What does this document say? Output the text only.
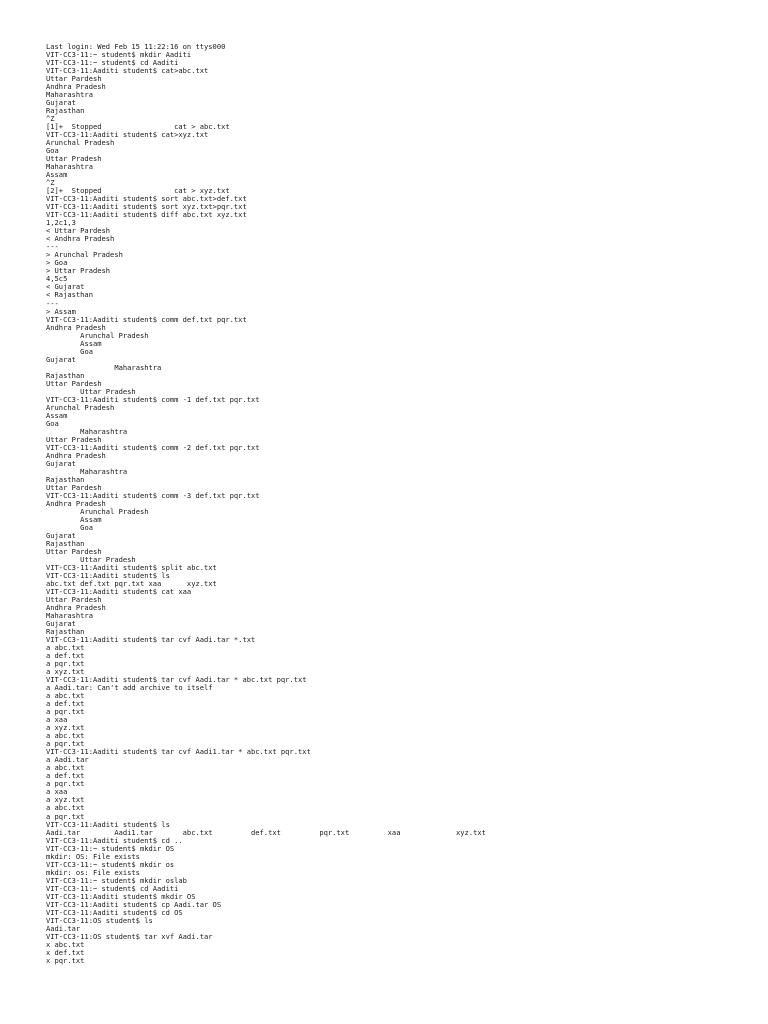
Last login: Wed Feb 15 11:22:16 on ttys000
VIT-CC3-11:~ student$ mkdir Aaditi
VIT-CC3-11:~ student$ cd Aaditi
VIT-CC3-11:Aaditi student$ cat>abc.txt
Uttar Pardesh
Andhra Pradesh
Maharashtra
Gujarat
Rajasthan
^Z
[1]+  Stopped                 cat > abc.txt
VIT-CC3-11:Aaditi student$ cat>xyz.txt
Arunchal Pradesh
Goa
Uttar Pradesh
Maharashtra
Assam
^Z
[2]+  Stopped                 cat > xyz.txt
VIT-CC3-11:Aaditi student$ sort abc.txt>def.txt
VIT-CC3-11:Aaditi student$ sort xyz.txt>pqr.txt
VIT-CC3-11:Aaditi student$ diff abc.txt xyz.txt
1,2c1,3
< Uttar Pardesh
< Andhra Pradesh
---
> Arunchal Pradesh
> Goa
> Uttar Pradesh
4,5c5
< Gujarat
< Rajasthan
---
> Assam
VIT-CC3-11:Aaditi student$ comm def.txt pqr.txt
Andhra Pradesh
	Arunchal Pradesh
	Assam
	Goa
Gujarat
		Maharashtra
Rajasthan
Uttar Pardesh
	Uttar Pradesh
VIT-CC3-11:Aaditi student$ comm -1 def.txt pqr.txt
Arunchal Pradesh
Assam
Goa
	Maharashtra
Uttar Pradesh
VIT-CC3-11:Aaditi student$ comm -2 def.txt pqr.txt
Andhra Pradesh
Gujarat
	Maharashtra
Rajasthan
Uttar Pardesh
VIT-CC3-11:Aaditi student$ comm -3 def.txt pqr.txt
Andhra Pradesh
	Arunchal Pradesh
	Assam
	Goa
Gujarat
Rajasthan
Uttar Pardesh
	Uttar Pradesh
VIT-CC3-11:Aaditi student$ split abc.txt
VIT-CC3-11:Aaditi student$ ls
abc.txt def.txt pqr.txt xaa      xyz.txt
VIT-CC3-11:Aaditi student$ cat xaa
Uttar Pardesh
Andhra Pradesh
Maharashtra
Gujarat
Rajasthan
VIT-CC3-11:Aaditi student$ tar cvf Aadi.tar *.txt
a abc.txt
a def.txt
a pqr.txt
a xyz.txt
VIT-CC3-11:Aaditi student$ tar cvf Aadi.tar * abc.txt pqr.txt
a Aadi.tar: Can't add archive to itself
a abc.txt
a def.txt
a pqr.txt
a xaa
a xyz.txt
a abc.txt
a pqr.txt
VIT-CC3-11:Aaditi student$ tar cvf Aadi1.tar * abc.txt pqr.txt
a Aadi.tar
a abc.txt
a def.txt
a pqr.txt
a xaa
a xyz.txt
a abc.txt
a pqr.txt
VIT-CC3-11:Aaditi student$ ls
Aadi.tar        Aadi1.tar       abc.txt         def.txt         pqr.txt         xaa             xyz.txt
VIT-CC3-11:Aaditi student$ cd ..
VIT-CC3-11:~ student$ mkdir OS
mkdir: OS: File exists
VIT-CC3-11:~ student$ mkdir os
mkdir: os: File exists
VIT-CC3-11:~ student$ mkdir oslab
VIT-CC3-11:~ student$ cd Aaditi
VIT-CC3-11:Aaditi student$ mkdir OS
VIT-CC3-11:Aaditi student$ cp Aadi.tar OS
VIT-CC3-11:Aaditi student$ cd OS
VIT-CC3-11:OS student$ ls
Aadi.tar
VIT-CC3-11:OS student$ tar xvf Aadi.tar
x abc.txt
x def.txt
x pqr.txt
